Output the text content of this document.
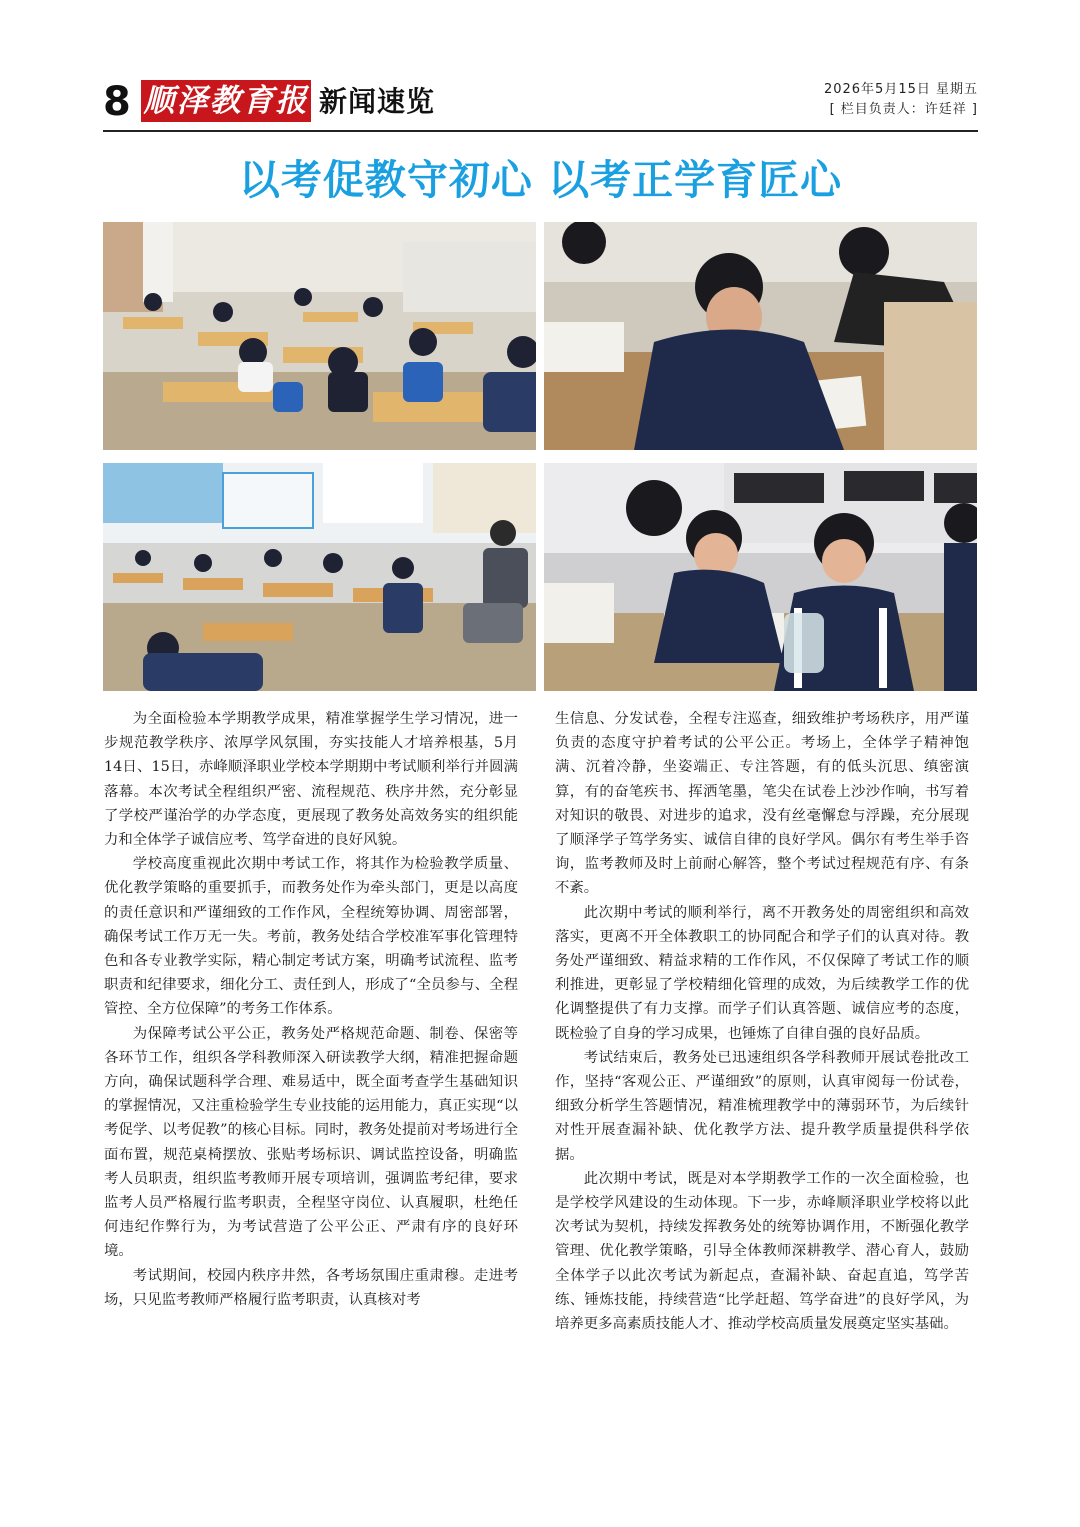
8 顺泽教育报 新闻速览	2026年5月15日 星期五
[ 栏目负责人：许廷祥 ]
以考促教守初心 以考正学育匠心

为全面检验本学期教学成果，精准掌握学生学习情况，进一步规范教学秩序、浓厚学风氛围，夯实技能人才培养根基，5月14日、15日，赤峰顺泽职业学校本学期期中考试顺利举行并圆满落幕。本次考试全程组织严密、流程规范、秩序井然，充分彰显了学校严谨治学的办学态度，更展现了教务处高效务实的组织能力和全体学子诚信应考、笃学奋进的良好风貌。

学校高度重视此次期中考试工作，将其作为检验教学质量、优化教学策略的重要抓手，而教务处作为牵头部门，更是以高度的责任意识和严谨细致的工作作风，全程统筹协调、周密部署，确保考试工作万无一失。考前，教务处结合学校准军事化管理特色和各专业教学实际，精心制定考试方案，明确考试流程、监考职责和纪律要求，细化分工、责任到人，形成了“全员参与、全程管控、全方位保障”的考务工作体系。

为保障考试公平公正，教务处严格规范命题、制卷、保密等各环节工作，组织各学科教师深入研读教学大纲，精准把握命题方向，确保试题科学合理、难易适中，既全面考查学生基础知识的掌握情况，又注重检验学生专业技能的运用能力，真正实现“以考促学、以考促教”的核心目标。同时，教务处提前对考场进行全面布置，规范桌椅摆放、张贴考场标识、调试监控设备，明确监考人员职责，组织监考教师开展专项培训，强调监考纪律，要求监考人员严格履行监考职责，全程坚守岗位、认真履职，杜绝任何违纪作弊行为，为考试营造了公平公正、严肃有序的良好环境。

考试期间，校园内秩序井然，各考场氛围庄重肃穆。走进考场，只见监考教师严格履行监考职责，认真核对考

生信息、分发试卷，全程专注巡查，细致维护考场秩序，用严谨负责的态度守护着考试的公平公正。考场上，全体学子精神饱满、沉着冷静，坐姿端正、专注答题，有的低头沉思、缜密演算，有的奋笔疾书、挥洒笔墨，笔尖在试卷上沙沙作响，书写着对知识的敬畏、对进步的追求，没有丝毫懈怠与浮躁，充分展现了顺泽学子笃学务实、诚信自律的良好学风。偶尔有考生举手咨询，监考教师及时上前耐心解答，整个考试过程规范有序、有条不紊。

此次期中考试的顺利举行，离不开教务处的周密组织和高效落实，更离不开全体教职工的协同配合和学子们的认真对待。教务处严谨细致、精益求精的工作作风，不仅保障了考试工作的顺利推进，更彰显了学校精细化管理的成效，为后续教学工作的优化调整提供了有力支撑。而学子们认真答题、诚信应考的态度，既检验了自身的学习成果，也锤炼了自律自强的良好品质。

考试结束后，教务处已迅速组织各学科教师开展试卷批改工作，坚持“客观公正、严谨细致”的原则，认真审阅每一份试卷，细致分析学生答题情况，精准梳理教学中的薄弱环节，为后续针对性开展查漏补缺、优化教学方法、提升教学质量提供科学依据。

此次期中考试，既是对本学期教学工作的一次全面检验，也是学校学风建设的生动体现。下一步，赤峰顺泽职业学校将以此次考试为契机，持续发挥教务处的统筹协调作用，不断强化教学管理、优化教学策略，引导全体教师深耕教学、潜心育人，鼓励全体学子以此次考试为新起点，查漏补缺、奋起直追，笃学苦练、锤炼技能，持续营造“比学赶超、笃学奋进”的良好学风，为培养更多高素质技能人才、推动学校高质量发展奠定坚实基础。
